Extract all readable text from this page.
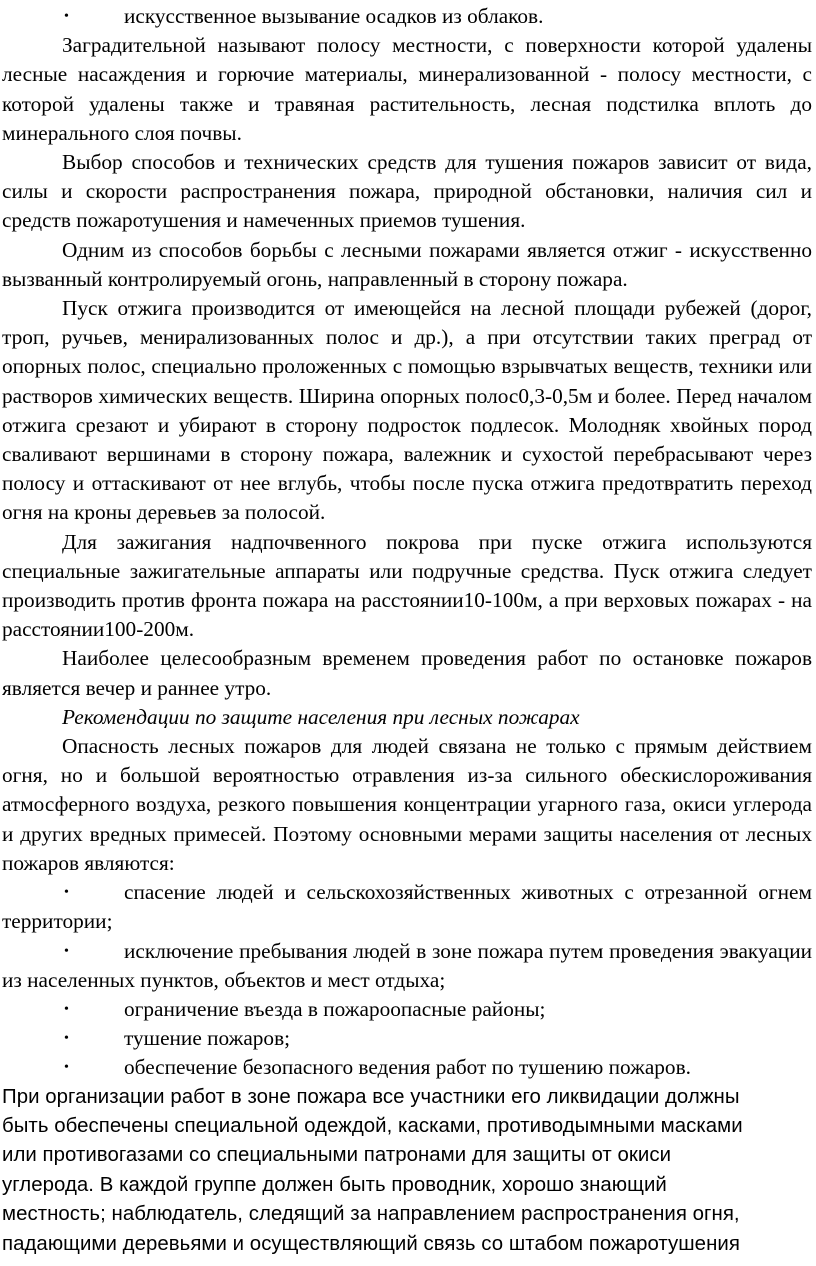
•	искусственное вызывание осадков из облаков.

Заградительной называют полосу местности, с поверхности которой удалены лесные насаждения и горючие материалы, минерализованной - полосу местности, с которой удалены также и травяная растительность, лесная подстилка вплоть до минерального слоя почвы.

Выбор способов и технических средств для тушения пожаров зависит от вида, силы и скорости распространения пожара, природной обстановки, наличия сил и средств пожаротушения и намеченных приемов тушения.

Одним из способов борьбы с лесными пожарами является отжиг - искусственно вызванный контролируемый огонь, направленный в сторону пожара.

Пуск отжига производится от имеющейся на лесной площади рубежей (дорог, троп, ручьев, менирализованных полос и др.), а при отсутствии таких преград от опорных полос, специально проложенных с помощью взрывчатых веществ, техники или растворов химических веществ. Ширина опорных полос0,3-0,5м и более. Перед началом отжига срезают и убирают в сторону подросток подлесок. Молодняк хвойных пород сваливают вершинами в сторону пожара, валежник и сухостой перебрасывают через полосу и оттаскивают от нее вглубь, чтобы после пуска отжига предотвратить переход огня на кроны деревьев за полосой.

Для зажигания надпочвенного покрова при пуске отжига используются специальные зажигательные аппараты или подручные средства. Пуск отжига следует производить против фронта пожара на расстоянии10-100м, а при верховых пожарах - на расстоянии100-200м.

Наиболее целесообразным временем проведения работ по остановке пожаров является вечер и раннее утро.

Рекомендации по защите населения при лесных пожарах

Опасность лесных пожаров для людей связана не только с прямым действием огня, но и большой вероятностью отравления из-за сильного обескислороживания атмосферного воздуха, резкого повышения концентрации угарного газа, окиси углерода и других вредных примесей. Поэтому основными мерами защиты населения от лесных пожаров являются:

•	спасение людей и сельскохозяйственных животных с отрезанной огнем территории;
•	исключение пребывания людей в зоне пожара путем проведения эвакуации из населенных пунктов, объектов и мест отдыха;
•	ограничение въезда в пожароопасные районы;
•	тушение пожаров;
•	обеспечение безопасного ведения работ по тушению пожаров.
При организации работ в зоне пожара все участники его ликвидации должны
быть обеспечены специальной одеждой, касками, противодымными масками
или противогазами со специальными патронами для защиты от окиси
углерода. В каждой группе должен быть проводник, хорошо знающий
местность; наблюдатель, следящий за направлением распространения огня,
падающими деревьями и осуществляющий связь со штабом пожаротушения
